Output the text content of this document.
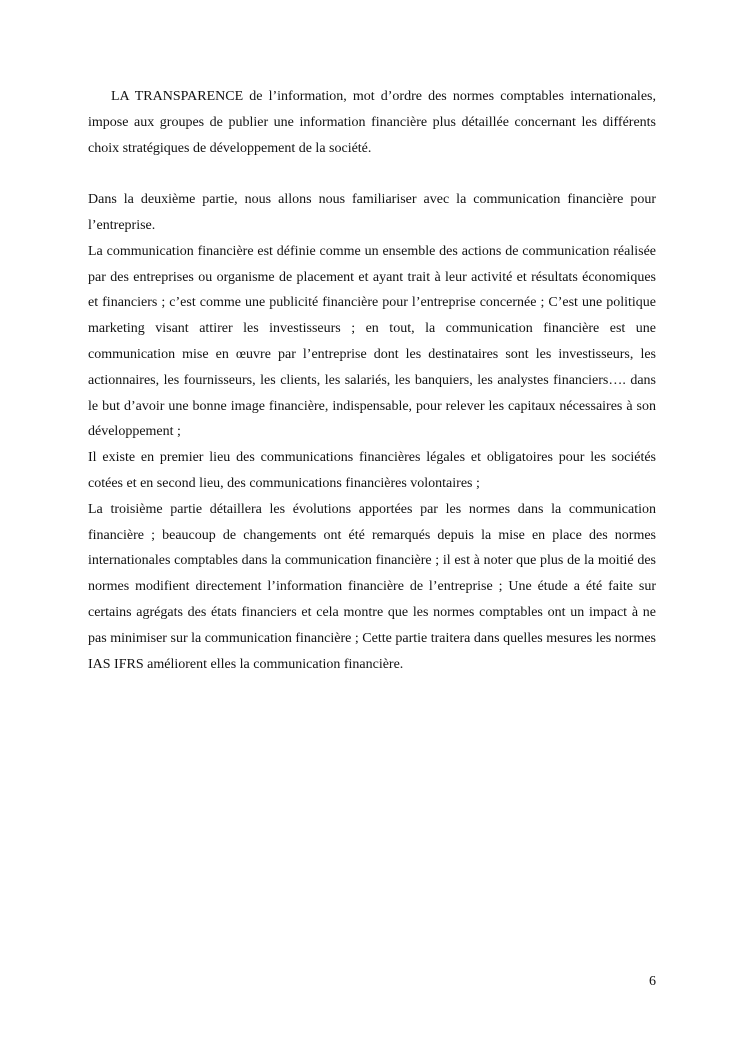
LA TRANSPARENCE de l’information, mot d’ordre des normes comptables internationales, impose aux groupes de publier une information financière plus détaillée concernant les différents choix stratégiques de développement de la société.

Dans la deuxième partie, nous allons nous familiariser avec la communication financière pour l’entreprise.

La communication financière est définie comme un ensemble des actions de communication réalisée par des entreprises ou organisme de placement et ayant trait à leur activité et résultats économiques et financiers ; c’est comme une publicité financière pour l’entreprise concernée ; C’est une politique marketing visant attirer les investisseurs ; en tout, la communication financière est une communication mise en œuvre par l’entreprise dont les destinataires sont les investisseurs, les actionnaires, les fournisseurs, les clients, les salariés, les banquiers, les analystes financiers…. dans le but d’avoir une bonne image financière, indispensable, pour relever les capitaux nécessaires à son développement ;

Il existe en premier lieu des communications financières légales et obligatoires pour les sociétés cotées et en second lieu, des communications financières volontaires ;

La troisième partie détaillera les évolutions apportées par les normes dans la communication financière ; beaucoup de changements ont été remarqués depuis la mise en place des normes internationales comptables dans la communication financière ; il est à noter que plus de la moitié des normes modifient directement l’information financière de l’entreprise ; Une étude a été faite sur certains agrégats des états financiers et cela montre que les normes comptables ont un impact à ne pas minimiser sur la communication financière ; Cette partie traitera dans quelles mesures les normes IAS IFRS améliorent elles la communication financière.

6
